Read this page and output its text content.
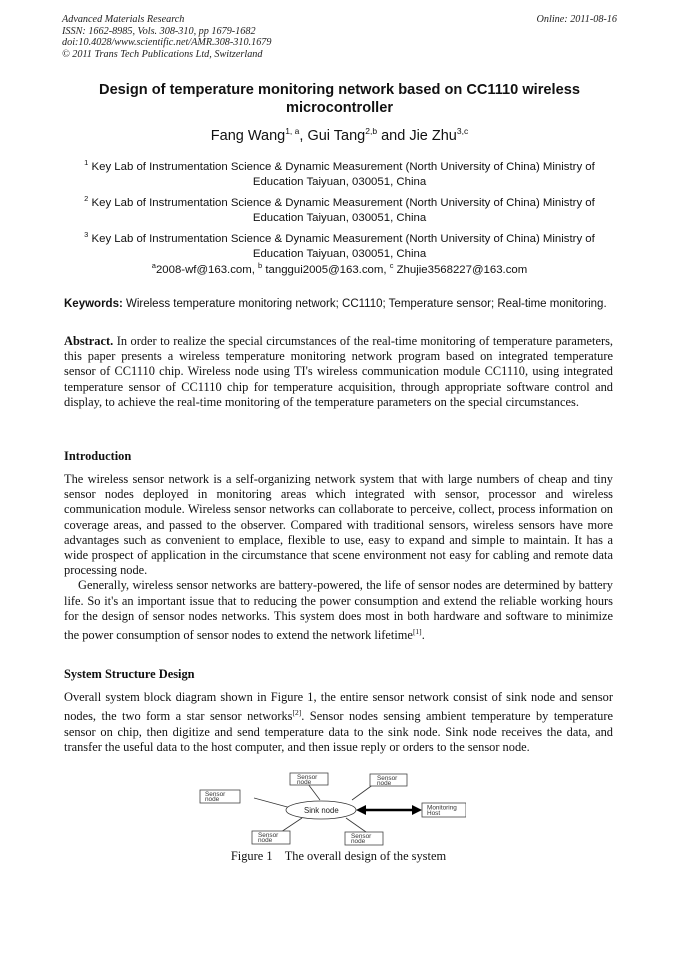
Advanced Materials Research
ISSN: 1662-8985, Vols. 308-310, pp 1679-1682
doi:10.4028/www.scientific.net/AMR.308-310.1679
© 2011 Trans Tech Publications Ltd, Switzerland
Online: 2011-08-16
Design of temperature monitoring network based on CC1110 wireless microcontroller
Fang Wang$^{1, a}$, Gui Tang$^{2,b}$ and Jie Zhu$^{3,c}$
$^1$ Key Lab of Instrumentation Science & Dynamic Measurement (North University of China) Ministry of Education Taiyuan, 030051, China
$^2$ Key Lab of Instrumentation Science & Dynamic Measurement (North University of China) Ministry of Education Taiyuan, 030051, China
$^3$ Key Lab of Instrumentation Science & Dynamic Measurement (North University of China) Ministry of Education Taiyuan, 030051, China
$^a$2008-wf@163.com, $^b$ tanggui2005@163.com, $^c$ Zhujie3568227@163.com
Keywords: Wireless temperature monitoring network; CC1110; Temperature sensor; Real-time monitoring.
Abstract. In order to realize the special circumstances of the real-time monitoring of temperature parameters, this paper presents a wireless temperature monitoring network program based on integrated temperature sensor of CC1110 chip. Wireless node using TI's wireless communication module CC1110, using integrated temperature sensor of CC1110 chip for temperature acquisition, through appropriate software control and display, to achieve the real-time monitoring of the temperature parameters on the special circumstances.
Introduction
The wireless sensor network is a self-organizing network system that with large numbers of cheap and tiny sensor nodes deployed in monitoring areas which integrated with sensor, processor and wireless communication module. Wireless sensor networks can collaborate to perceive, collect, process information on coverage areas, and passed to the observer. Compared with traditional sensors, wireless sensors have more advantages such as convenient to emplace, flexible to use, easy to expand and simple to maintain. It has a wide prospect of application in the circumstance that scene environment not easy for cabling and remote data processing node.
Generally, wireless sensor networks are battery-powered, the life of sensor nodes are determined by battery life. So it's an important issue that to reducing the power consumption and extend the reliable working hours for the design of sensor nodes networks. This system does most in both hardware and software to minimize the power consumption of sensor nodes to extend the network lifetime[1].
System Structure Design
Overall system block diagram shown in Figure 1, the entire sensor network consist of sink node and sensor nodes, the two form a star sensor networks[2]. Sensor nodes sensing ambient temperature by temperature sensor on chip, then digitize and send temperature data to the sink node. Sink node receives the data, and transfer the useful data to the host computer, and then issue reply or orders to the sensor node.
Sensor
node
Sensor
node
Sensor
node
Sensor
node
Sensor
node
Sink node	Monitoring
Host
Figure 1    The overall design of the system
